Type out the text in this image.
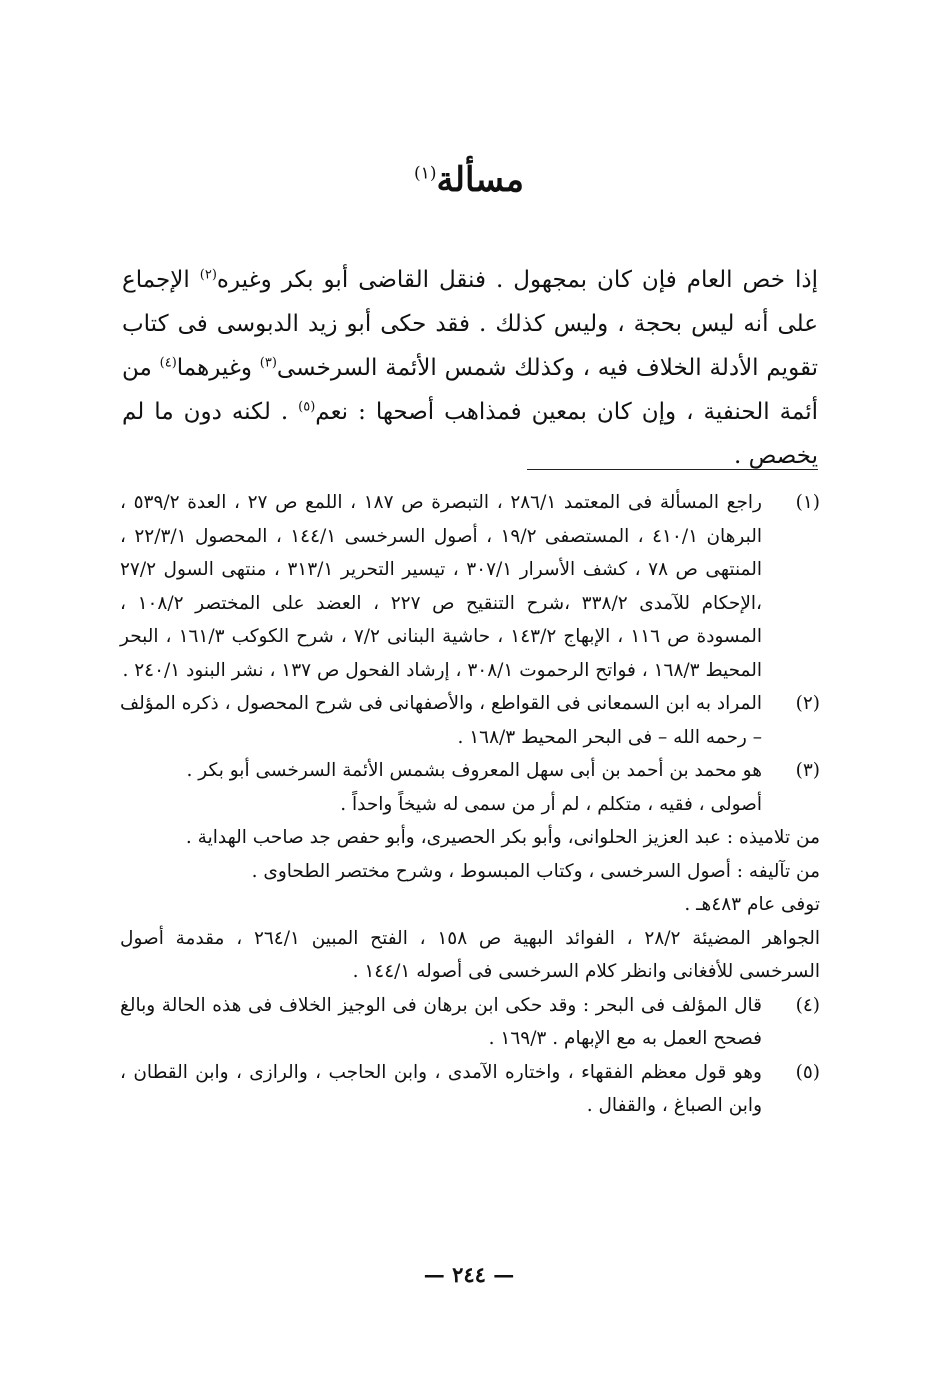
مسألة$^{(١)}$
إذا خص العام فإن كان بمجهول . فنقل القاضى أبو بكر وغيره$^{(٢)}$ الإجماع على أنه ليس بحجة ، وليس كذلك . فقد حكى أبو زيد الدبوسى فى كتاب تقويم الأدلة الخلاف فيه ، وكذلك شمس الأئمة السرخسى$^{(٣)}$ وغيرهما$^{(٤)}$ من أئمة الحنفية ، وإن كان بمعين فمذاهب أصحها : نعم$^{(٥)}$ . لكنه دون ما لم يخصص .
(١)
راجع المسألة فى المعتمد ٢٨٦/١ ، التبصرة ص ١٨٧ ، اللمع ص ٢٧ ، العدة ٥٣٩/٢ ، البرهان ٤١٠/١ ، المستصفى ١٩/٢ ، أصول السرخسى ١٤٤/١ ، المحصول ٢٢/٣/١ ، المنتهى ص ٧٨ ، كشف الأسرار ٣٠٧/١ ، تيسير التحرير ٣١٣/١ ، منتهى السول ٢٧/٢ ،الإحكام للآمدى ٣٣٨/٢ ،شرح التنقيح ص ٢٢٧ ، العضد على المختصر ١٠٨/٢ ، المسودة ص ١١٦ ، الإبهاج ١٤٣/٢ ، حاشية البنانى ٧/٢ ، شرح الكوكب ١٦١/٣ ، البحر المحيط ١٦٨/٣ ، فواتح الرحموت ٣٠٨/١ ، إرشاد الفحول ص ١٣٧ ، نشر البنود ٢٤٠/١ .
(٢)
المراد به ابن السمعانى فى القواطع ، والأصفهانى فى شرح المحصول ، ذكره المؤلف – رحمه الله – فى البحر المحيط ١٦٨/٣ .
(٣)
هو محمد بن أحمد بن أبى سهل المعروف بشمس الأئمة السرخسى أبو بكر .
أصولى ، فقيه ، متكلم ، لم أر من سمى له شيخاً واحداً .
من تلاميذه : عبد العزيز الحلوانى، وأبو بكر الحصيرى، وأبو حفص جد صاحب الهداية .
من تآليفه : أصول السرخسى ، وكتاب المبسوط ، وشرح مختصر الطحاوى .
توفى عام ٤٨٣هـ .
الجواهر المضيئة ٢٨/٢ ، الفوائد البهية ص ١٥٨ ، الفتح المبين ٢٦٤/١ ، مقدمة أصول السرخسى للأفغانى وانظر كلام السرخسى فى أصوله ١٤٤/١ .
(٤)
قال المؤلف فى البحر : وقد حكى ابن برهان فى الوجيز الخلاف فى هذه الحالة وبالغ فصحح العمل به مع الإبهام . ١٦٩/٣ .
(٥)
وهو قول معظم الفقهاء ، واختاره الآمدى ، وابن الحاجب ، والرازى ، وابن القطان ، وابن الصباغ ، والقفال .
— ٢٤٤ —
